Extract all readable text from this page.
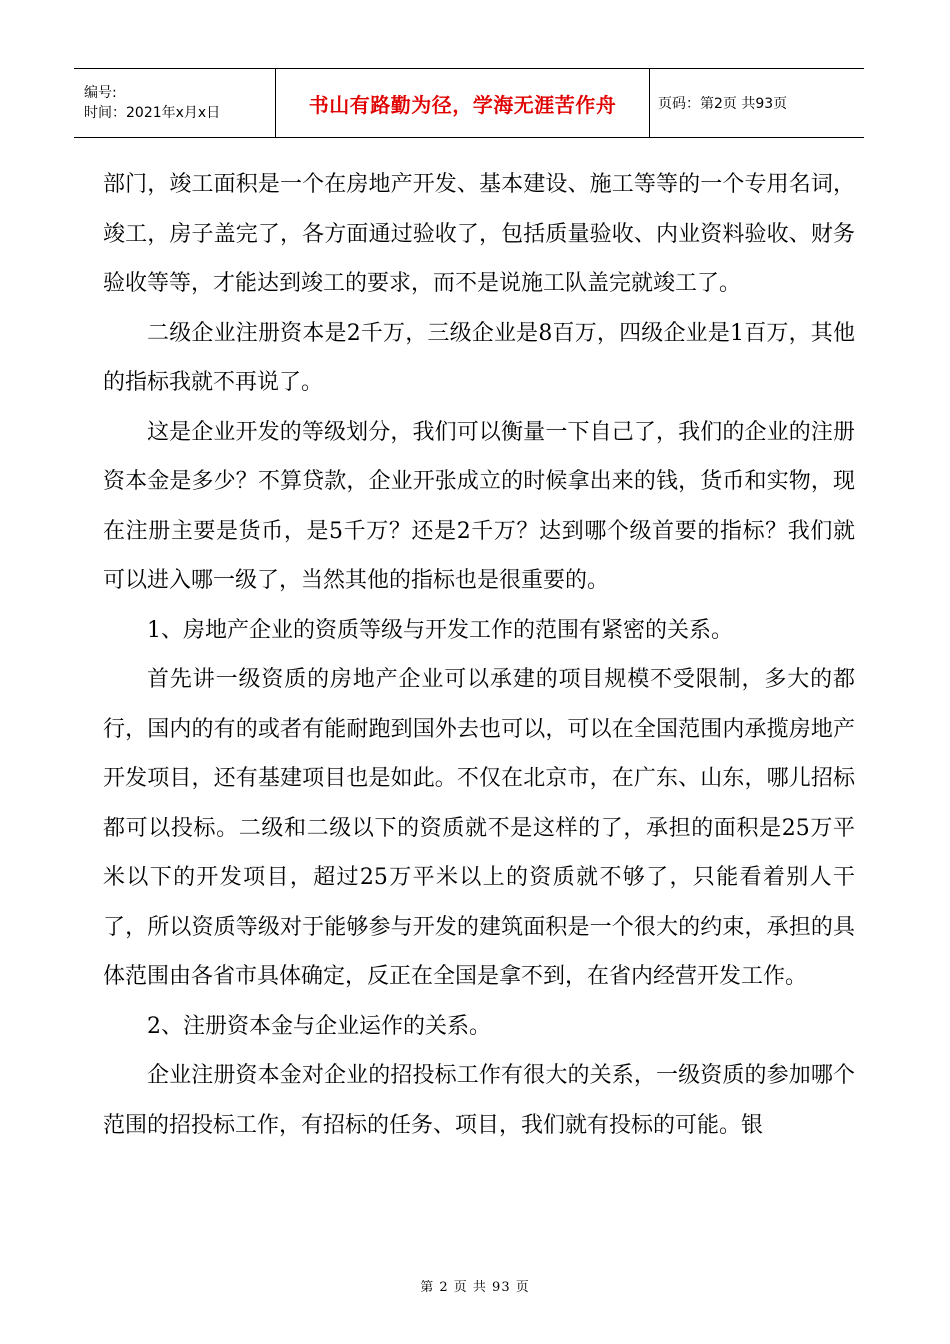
编号:
时间：2021年x月x日	书山有路勤为径，学海无涯苦作舟	页码：第2页 共93页

部门，竣工面积是一个在房地产开发、基本建设、施工等等的一个专用名词，竣工，房子盖完了，各方面通过验收了，包括质量验收、内业资料验收、财务验收等等，才能达到竣工的要求，而不是说施工队盖完就竣工了。

二级企业注册资本是2千万，三级企业是8百万，四级企业是1百万，其他的指标我就不再说了。

这是企业开发的等级划分，我们可以衡量一下自己了，我们的企业的注册资本金是多少？不算贷款，企业开张成立的时候拿出来的钱，货币和实物，现在注册主要是货币，是5千万？还是2千万？达到哪个级首要的指标？我们就可以进入哪一级了，当然其他的指标也是很重要的。

1、房地产企业的资质等级与开发工作的范围有紧密的关系。

首先讲一级资质的房地产企业可以承建的项目规模不受限制，多大的都行，国内的有的或者有能耐跑到国外去也可以，可以在全国范围内承揽房地产开发项目，还有基建项目也是如此。不仅在北京市，在广东、山东，哪儿招标都可以投标。二级和二级以下的资质就不是这样的了，承担的面积是25万平米以下的开发项目，超过25万平米以上的资质就不够了，只能看着别人干了，所以资质等级对于能够参与开发的建筑面积是一个很大的约束，承担的具体范围由各省市具体确定，反正在全国是拿不到，在省内经营开发工作。

2、注册资本金与企业运作的关系。

企业注册资本金对企业的招投标工作有很大的关系，一级资质的参加哪个范围的招投标工作，有招标的任务、项目，我们就有投标的可能。银

第 2 页 共 93 页
